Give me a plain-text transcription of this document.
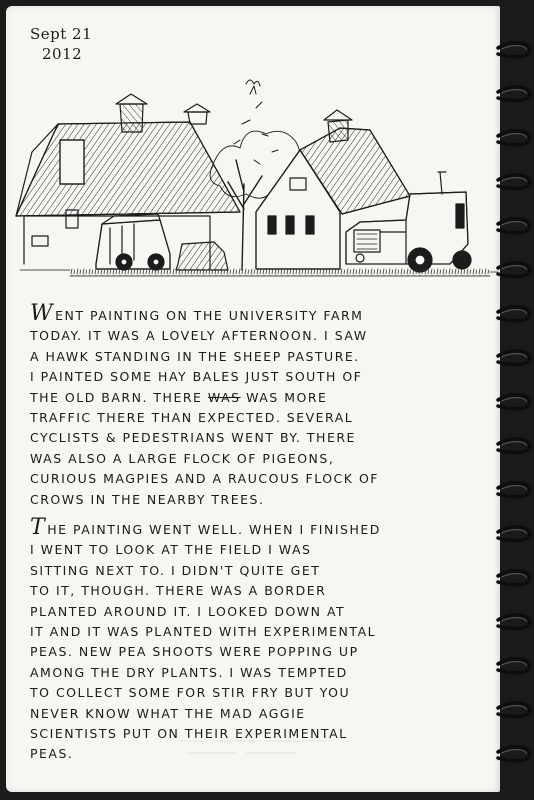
Sept 21
2012

WENT PAINTING ON THE UNIVERSITY FARM
TODAY. IT WAS A LOVELY AFTERNOON. I SAW
A HAWK STANDING IN THE SHEEP PASTURE.
I PAINTED SOME HAY BALES JUST SOUTH OF
THE OLD BARN. THERE WAS WAS MORE
TRAFFIC THERE THAN EXPECTED. SEVERAL
CYCLISTS & PEDESTRIANS WENT BY. THERE
WAS ALSO A LARGE FLOCK OF PIGEONS,
CURIOUS MAGPIES AND A RAUCOUS FLOCK OF
CROWS IN THE NEARBY TREES.

THE PAINTING WENT WELL. WHEN I FINISHED
I WENT TO LOOK AT THE FIELD I WAS
SITTING NEXT TO. I DIDN'T QUITE GET
TO IT, THOUGH. THERE WAS A BORDER
PLANTED AROUND IT. I LOOKED DOWN AT
IT AND IT WAS PLANTED WITH EXPERIMENTAL
PEAS. NEW PEA SHOOTS WERE POPPING UP
AMONG THE DRY PLANTS. I WAS TEMPTED
TO COLLECT SOME FOR STIR FRY BUT YOU
NEVER KNOW WHAT THE MAD AGGIE
SCIENTISTS PUT ON THEIR EXPERIMENTAL
PEAS.
